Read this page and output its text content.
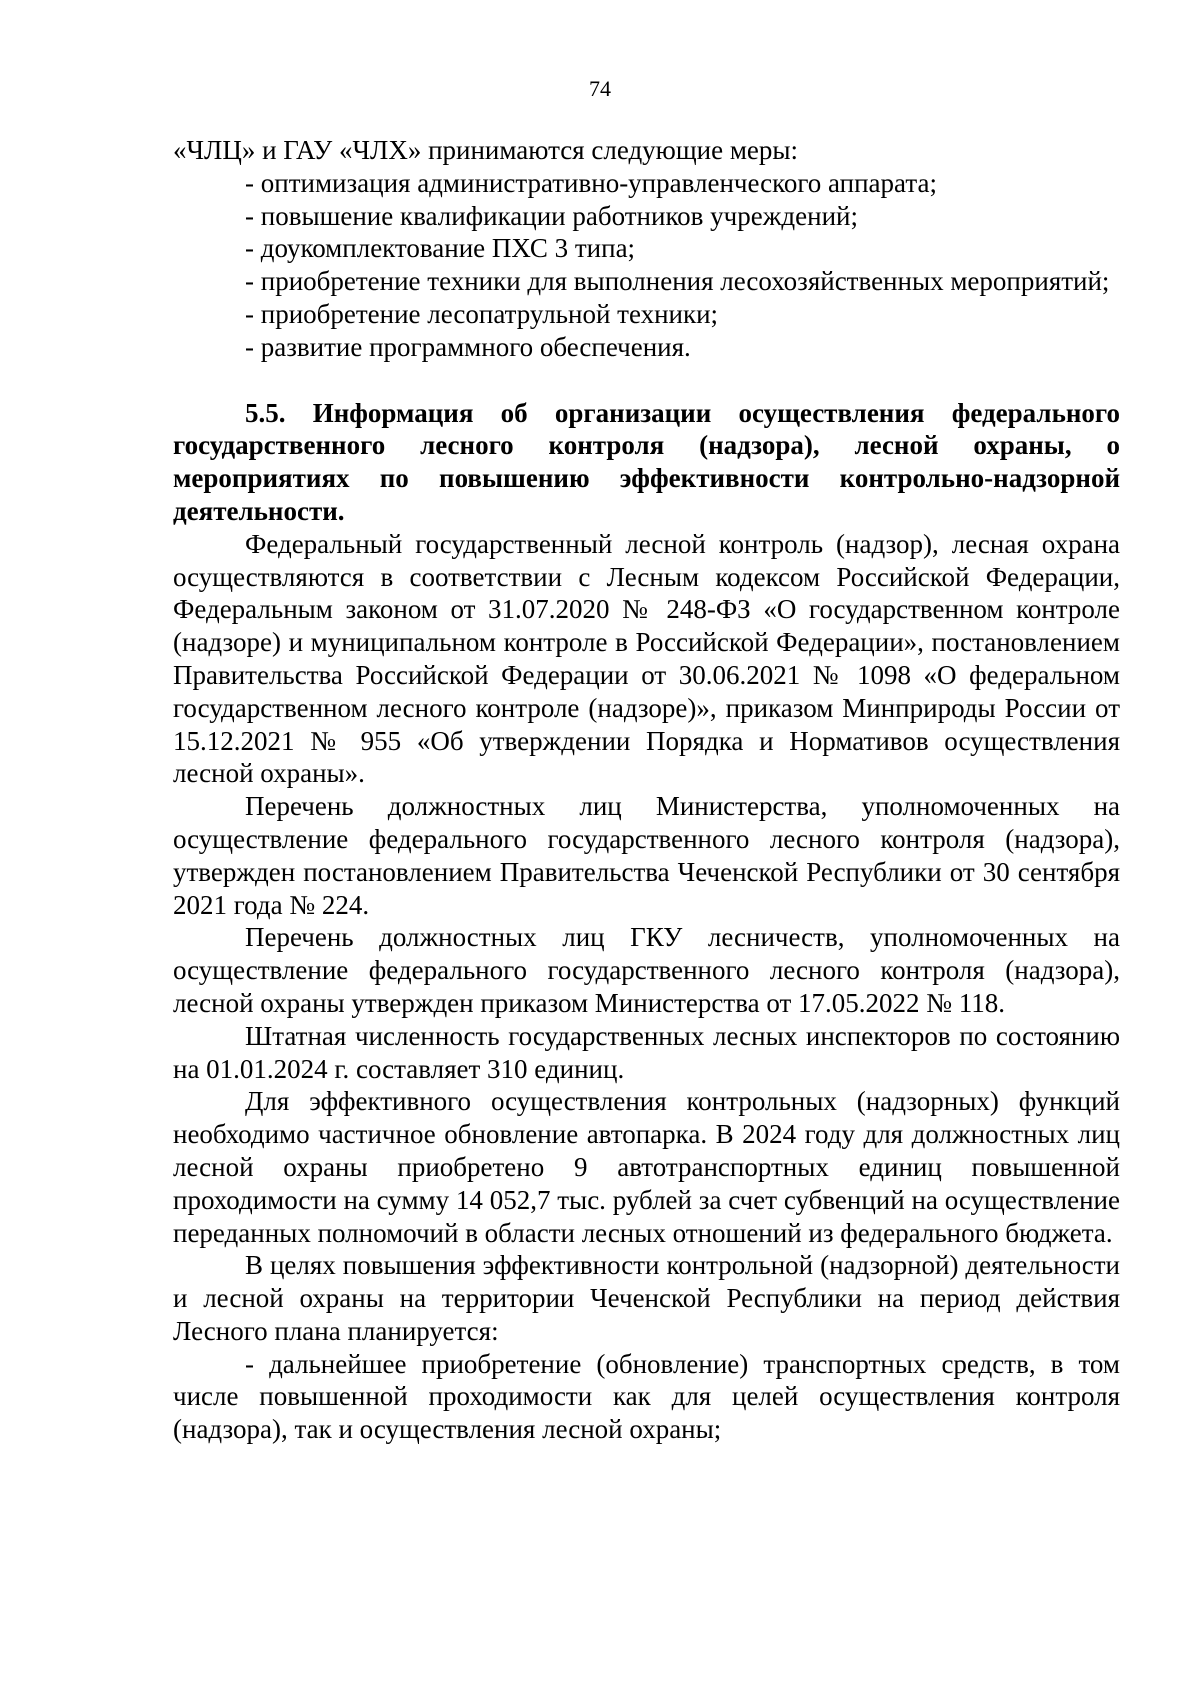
74

«ЧЛЦ» и ГАУ «ЧЛХ» принимаются следующие меры:

- оптимизация административно-управленческого аппарата;

- повышение квалификации работников учреждений;

- доукомплектование ПХС 3 типа;

- приобретение техники для выполнения лесохозяйственных мероприятий;

- приобретение лесопатрульной техники;

- развитие программного обеспечения.

5.5. Информация об организации осуществления федерального государственного лесного контроля (надзора), лесной охраны, о мероприятиях по повышению эффективности контрольно-надзорной деятельности.

Федеральный государственный лесной контроль (надзор), лесная охрана осуществляются в соответствии с Лесным кодексом Российской Федерации, Федеральным законом от 31.07.2020 № 248-ФЗ «О государственном контроле (надзоре) и муниципальном контроле в Российской Федерации», постановлением Правительства Российской Федерации от 30.06.2021 № 1098 «О федеральном государственном лесного контроле (надзоре)», приказом Минприроды России от 15.12.2021 № 955 «Об утверждении Порядка и Нормативов осуществления лесной охраны».

Перечень должностных лиц Министерства, уполномоченных на осуществление федерального государственного лесного контроля (надзора), утвержден постановлением Правительства Чеченской Республики от 30 сентября 2021 года № 224.

Перечень должностных лиц ГКУ лесничеств, уполномоченных на осуществление федерального государственного лесного контроля (надзора), лесной охраны утвержден приказом Министерства от 17.05.2022 № 118.

Штатная численность государственных лесных инспекторов по состоянию на 01.01.2024 г. составляет 310 единиц.

Для эффективного осуществления контрольных (надзорных) функций необходимо частичное обновление автопарка. В 2024 году для должностных лиц лесной охраны приобретено 9 автотранспортных единиц повышенной проходимости на сумму 14 052,7 тыс. рублей за счет субвенций на осуществление переданных полномочий в области лесных отношений из федерального бюджета.

В целях повышения эффективности контрольной (надзорной) деятельности и лесной охраны на территории Чеченской Республики на период действия Лесного плана планируется:

- дальнейшее приобретение (обновление) транспортных средств, в том числе повышенной проходимости как для целей осуществления контроля (надзора), так и осуществления лесной охраны;
